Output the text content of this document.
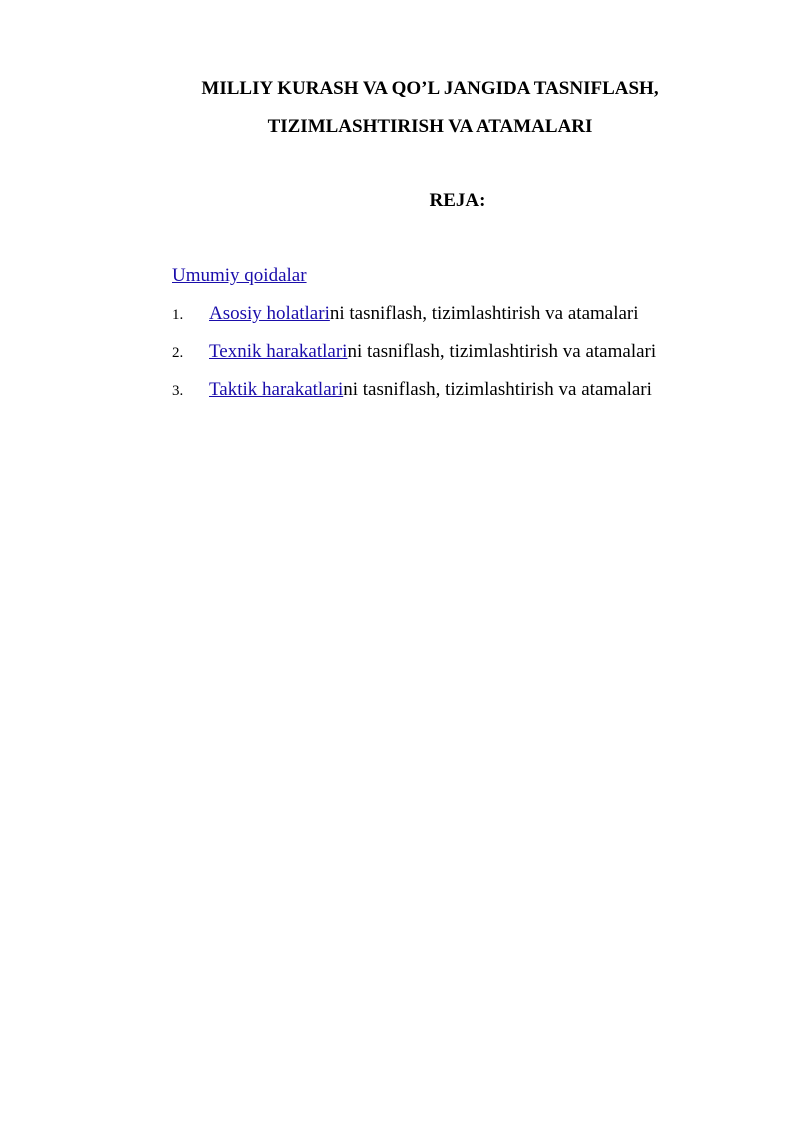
MILLIY KURASH VA QO’L JANGIDA TASNIFLASH,
TIZIMLASHTIRISH VA ATAMALARI
REJA:
Umumiy qoidalar
1. Asosiy holatlarini tasniflash, tizimlashtirish va atamalari
2. Texnik harakatlarini tasniflash, tizimlashtirish va atamalari
3. Taktik harakatlarini tasniflash, tizimlashtirish va atamalari
